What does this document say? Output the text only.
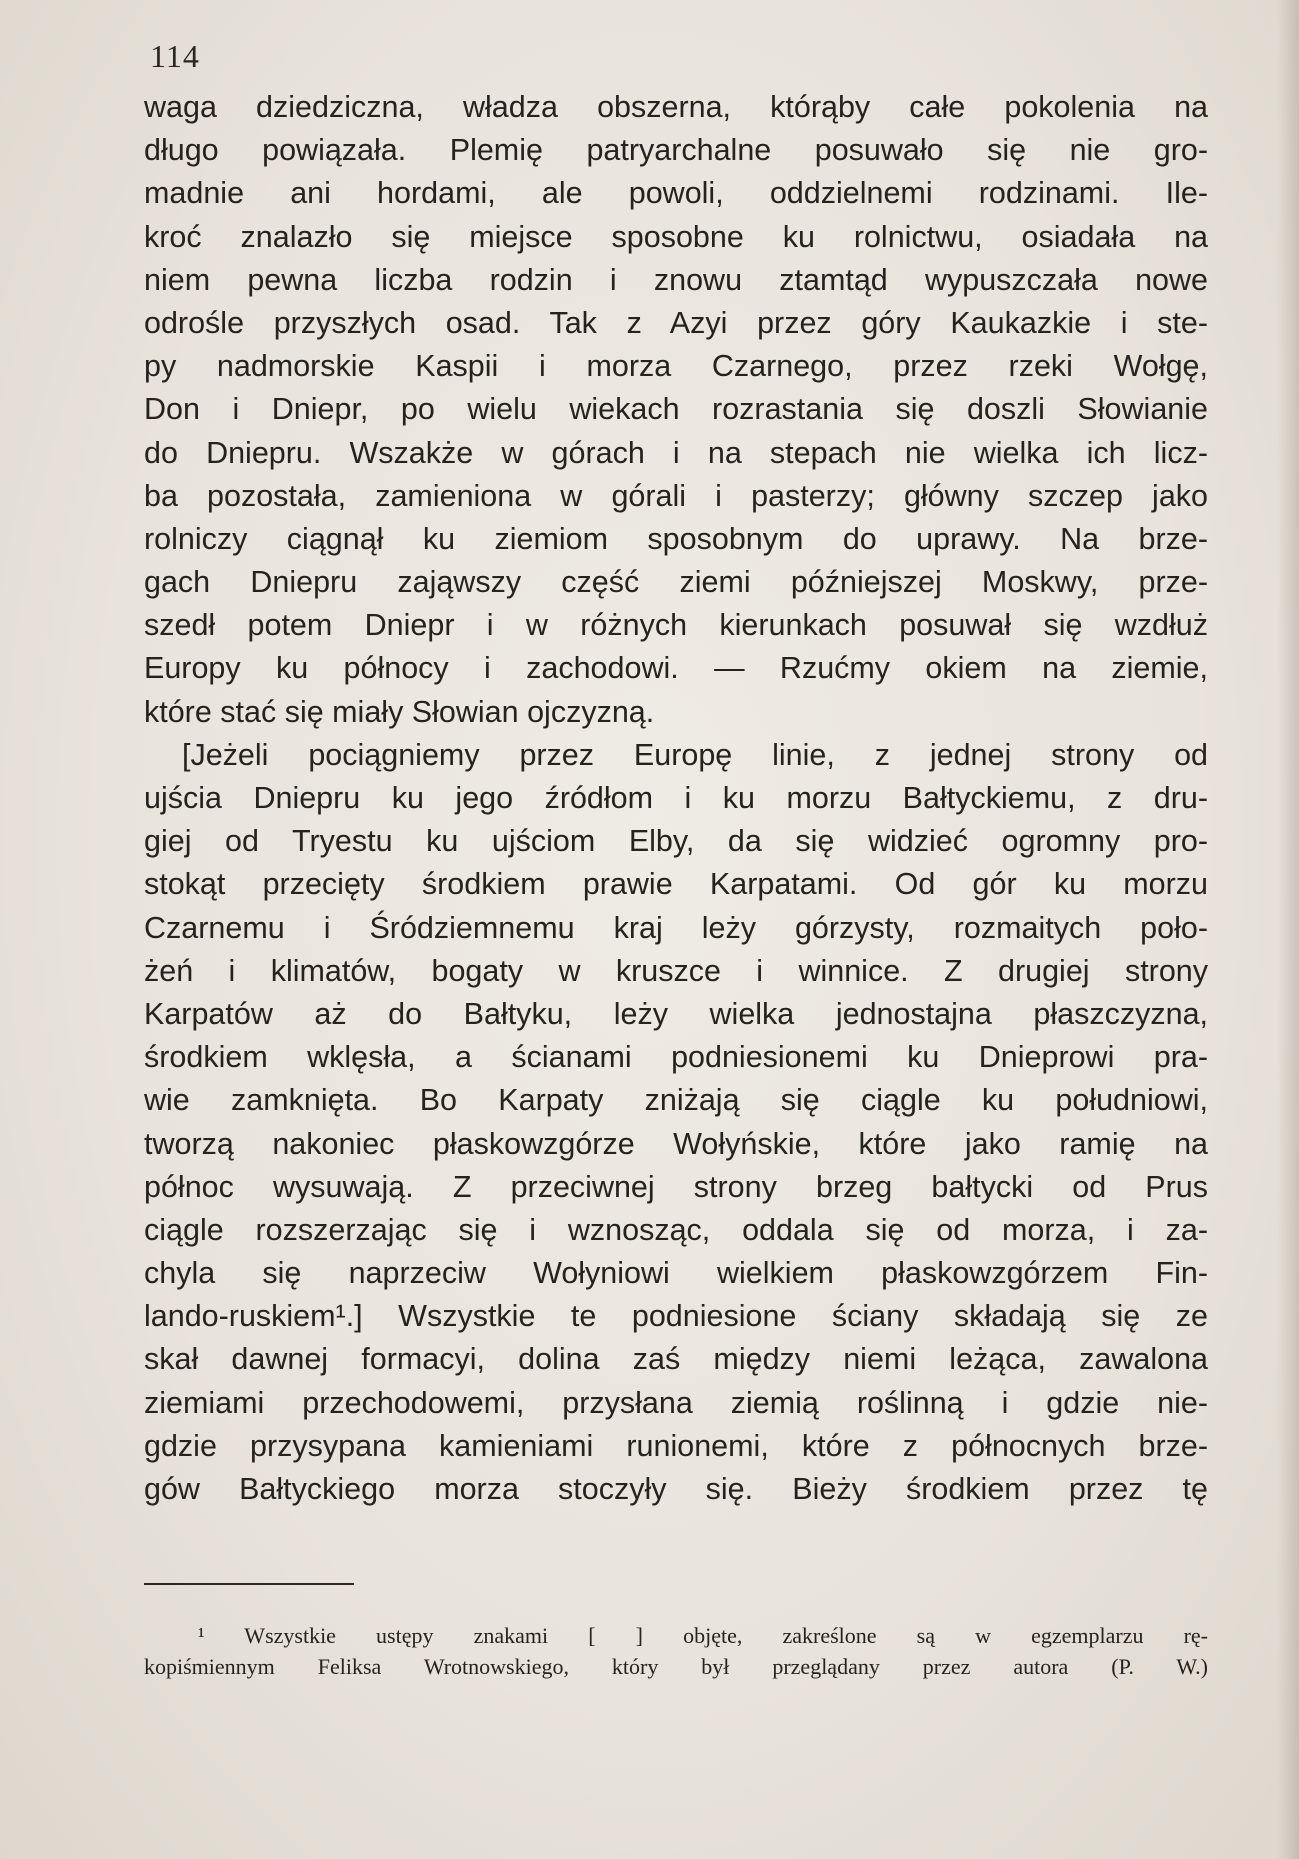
114
waga dziedziczna, władza obszerna, którąby całe pokolenia na
długo powiązała. Plemię patryarchalne posuwało się nie gro-
madnie ani hordami, ale powoli, oddzielnemi rodzinami. Ile-
kroć znalazło się miejsce sposobne ku rolnictwu, osiadała na
niem pewna liczba rodzin i znowu ztamtąd wypuszczała nowe
odrośle przyszłych osad. Tak z Azyi przez góry Kaukazkie i ste-
py nadmorskie Kaspii i morza Czarnego, przez rzeki Wołgę,
Don i Dniepr, po wielu wiekach rozrastania się doszli Słowianie
do Dniepru. Wszakże w górach i na stepach nie wielka ich licz-
ba pozostała, zamieniona w górali i pasterzy; główny szczep jako
rolniczy ciągnął ku ziemiom sposobnym do uprawy. Na brze-
gach Dniepru zająwszy część ziemi późniejszej Moskwy, prze-
szedł potem Dniepr i w różnych kierunkach posuwał się wzdłuż
Europy ku północy i zachodowi. — Rzućmy okiem na ziemie,
które stać się miały Słowian ojczyzną.
[Jeżeli pociągniemy przez Europę linie, z jednej strony od
ujścia Dniepru ku jego źródłom i ku morzu Bałtyckiemu, z dru-
giej od Tryestu ku ujściom Elby, da się widzieć ogromny pro-
stokąt przecięty środkiem prawie Karpatami. Od gór ku morzu
Czarnemu i Śródziemnemu kraj leży górzysty, rozmaitych poło-
żeń i klimatów, bogaty w kruszce i winnice. Z drugiej strony
Karpatów aż do Bałtyku, leży wielka jednostajna płaszczyzna,
środkiem wklęsła, a ścianami podniesionemi ku Dnieprowi pra-
wie zamknięta. Bo Karpaty zniżają się ciągle ku południowi,
tworzą nakoniec płaskowzgórze Wołyńskie, które jako ramię na
północ wysuwają. Z przeciwnej strony brzeg bałtycki od Prus
ciągle rozszerzając się i wznosząc, oddala się od morza, i za-
chyla się naprzeciw Wołyniowi wielkiem płaskowzgórzem Fin-
lando-ruskiem¹.] Wszystkie te podniesione ściany składają się ze
skał dawnej formacyi, dolina zaś między niemi leżąca, zawalona
ziemiami przechodowemi, przysłana ziemią roślinną i gdzie nie-
gdzie przysypana kamieniami runionemi, które z północnych brze-
gów Bałtyckiego morza stoczyły się. Bieży środkiem przez tę
¹ Wszystkie ustępy znakami [ ] objęte, zakreślone są w egzemplarzu rę-
kopiśmiennym Feliksa Wrotnowskiego, który był przeglądany przez autora (P. W.)
